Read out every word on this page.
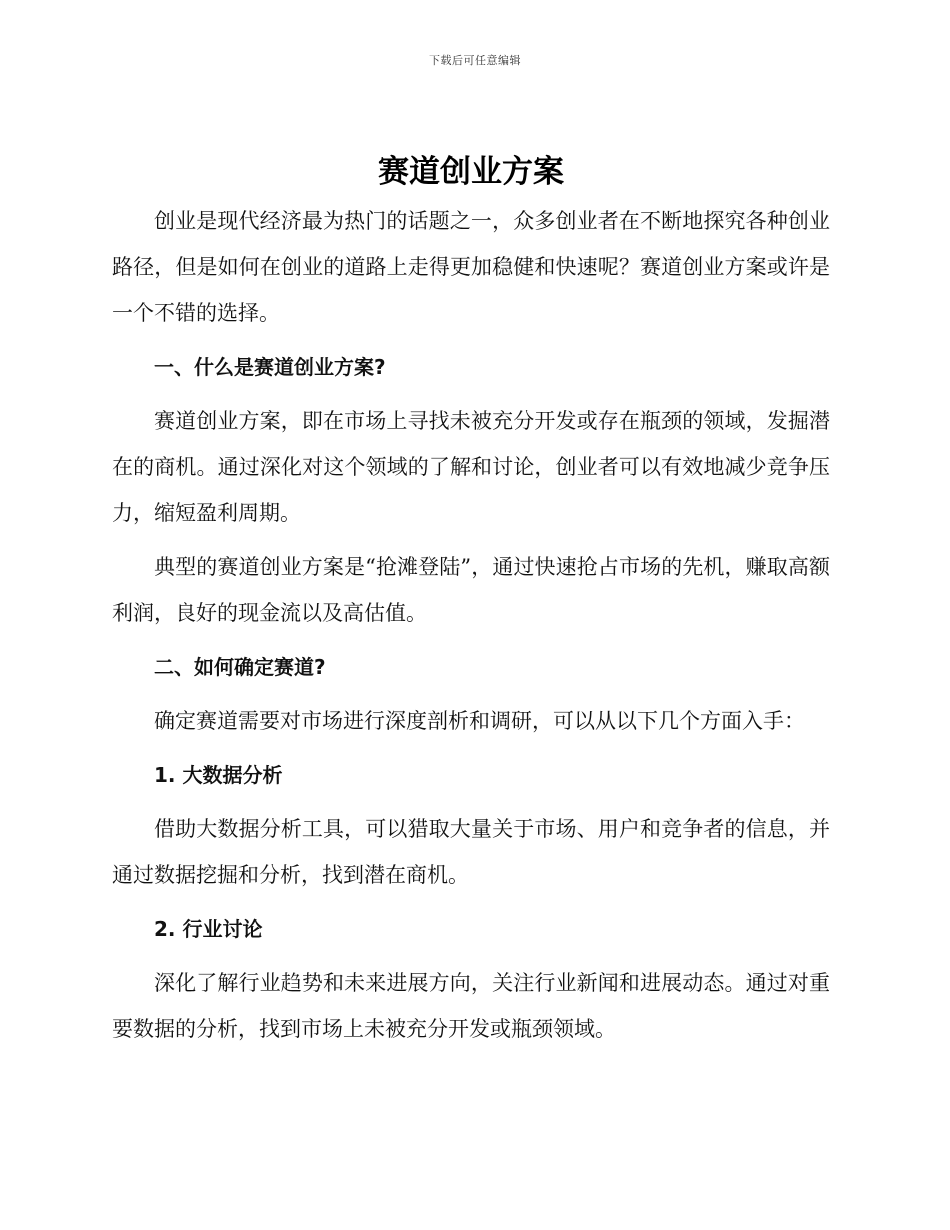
下载后可任意编辑
赛道创业方案

创业是现代经济最为热门的话题之一，众多创业者在不断地探究各种创业路径，但是如何在创业的道路上走得更加稳健和快速呢？赛道创业方案或许是一个不错的选择。

一、什么是赛道创业方案?

赛道创业方案，即在市场上寻找未被充分开发或存在瓶颈的领域，发掘潜在的商机。通过深化对这个领域的了解和讨论，创业者可以有效地减少竞争压力，缩短盈利周期。

典型的赛道创业方案是“抢滩登陆”，通过快速抢占市场的先机，赚取高额利润，良好的现金流以及高估值。

二、如何确定赛道?

确定赛道需要对市场进行深度剖析和调研，可以从以下几个方面入手：

1. 大数据分析

借助大数据分析工具，可以猎取大量关于市场、用户和竞争者的信息，并通过数据挖掘和分析，找到潜在商机。

2. 行业讨论

深化了解行业趋势和未来进展方向，关注行业新闻和进展动态。通过对重要数据的分析，找到市场上未被充分开发或瓶颈领域。
